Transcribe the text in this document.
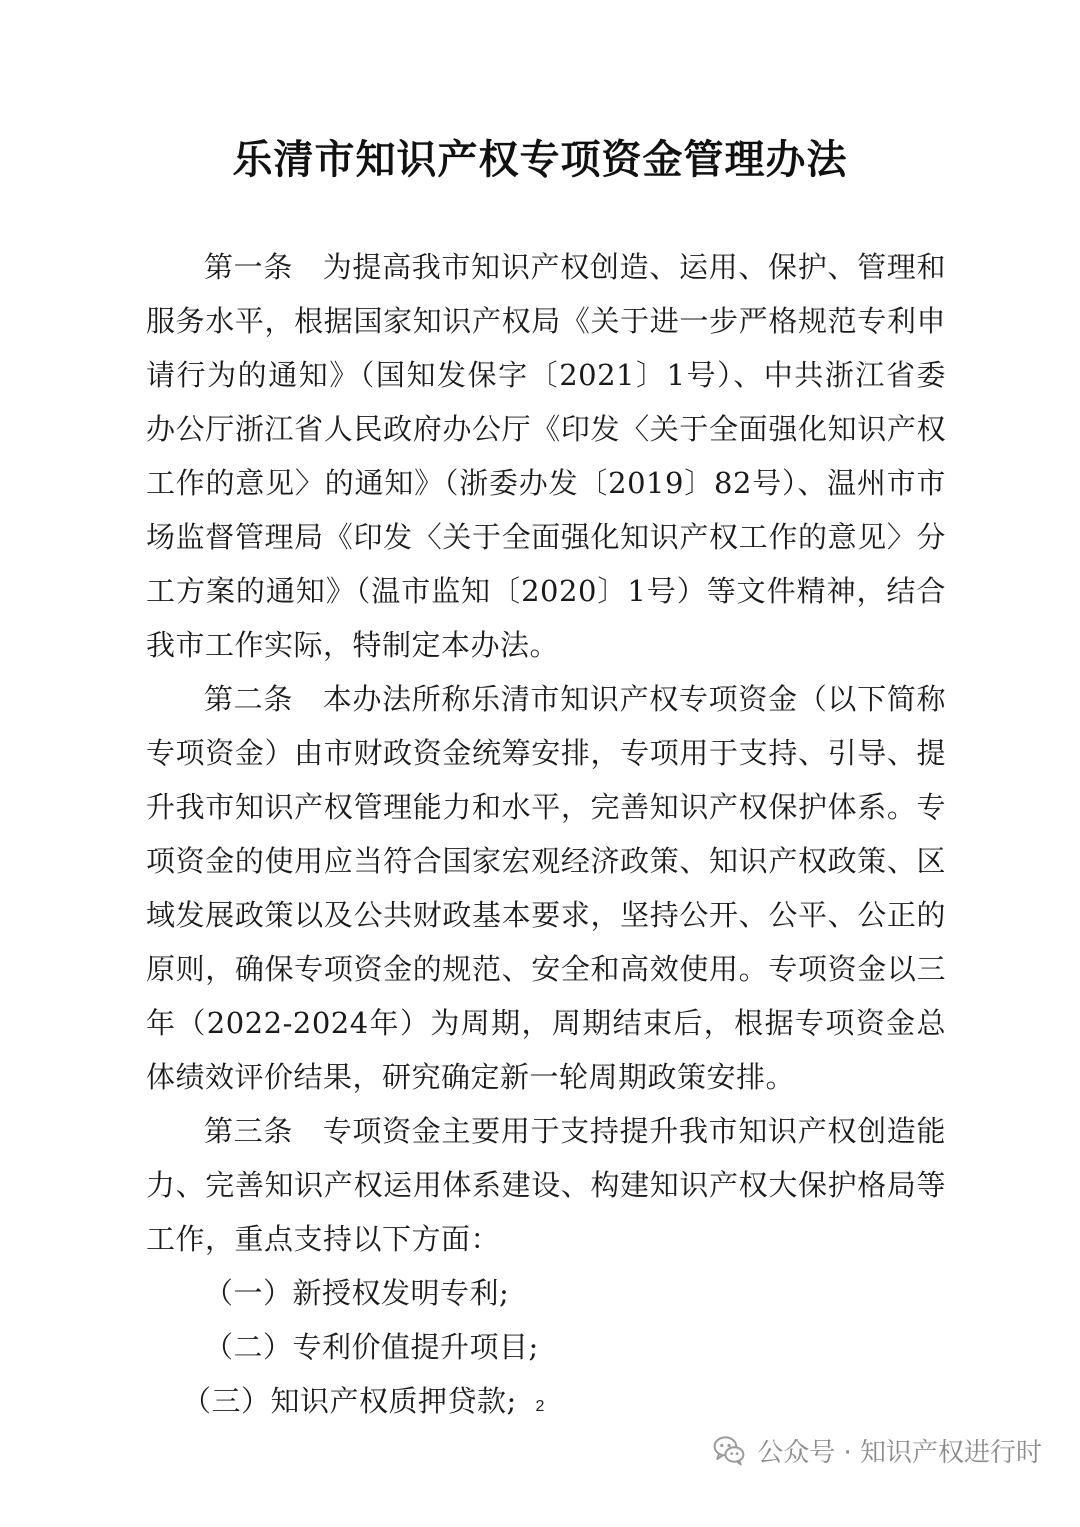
乐清市知识产权专项资金管理办法

第一条　为提高我市知识产权创造、运用、保护、管理和服务水平，根据国家知识产权局《关于进一步严格规范专利申请行为的通知》（国知发保字〔2021〕1号）、中共浙江省委办公厅浙江省人民政府办公厅《印发〈关于全面强化知识产权工作的意见〉的通知》（浙委办发〔2019〕82号）、温州市市场监督管理局《印发〈关于全面强化知识产权工作的意见〉分工方案的通知》（温市监知〔2020〕1号）等文件精神，结合我市工作实际，特制定本办法。

第二条　本办法所称乐清市知识产权专项资金（以下简称专项资金）由市财政资金统筹安排，专项用于支持、引导、提升我市知识产权管理能力和水平，完善知识产权保护体系。专项资金的使用应当符合国家宏观经济政策、知识产权政策、区域发展政策以及公共财政基本要求，坚持公开、公平、公正的原则，确保专项资金的规范、安全和高效使用。专项资金以三年（2022-2024年）为周期，周期结束后，根据专项资金总体绩效评价结果，研究确定新一轮周期政策安排。

第三条　专项资金主要用于支持提升我市知识产权创造能力、完善知识产权运用体系建设、构建知识产权大保护格局等工作，重点支持以下方面：

（一）新授权发明专利;

（二）专利价值提升项目;

（三）知识产权质押贷款;	2
公众号 · 知识产权进行时
